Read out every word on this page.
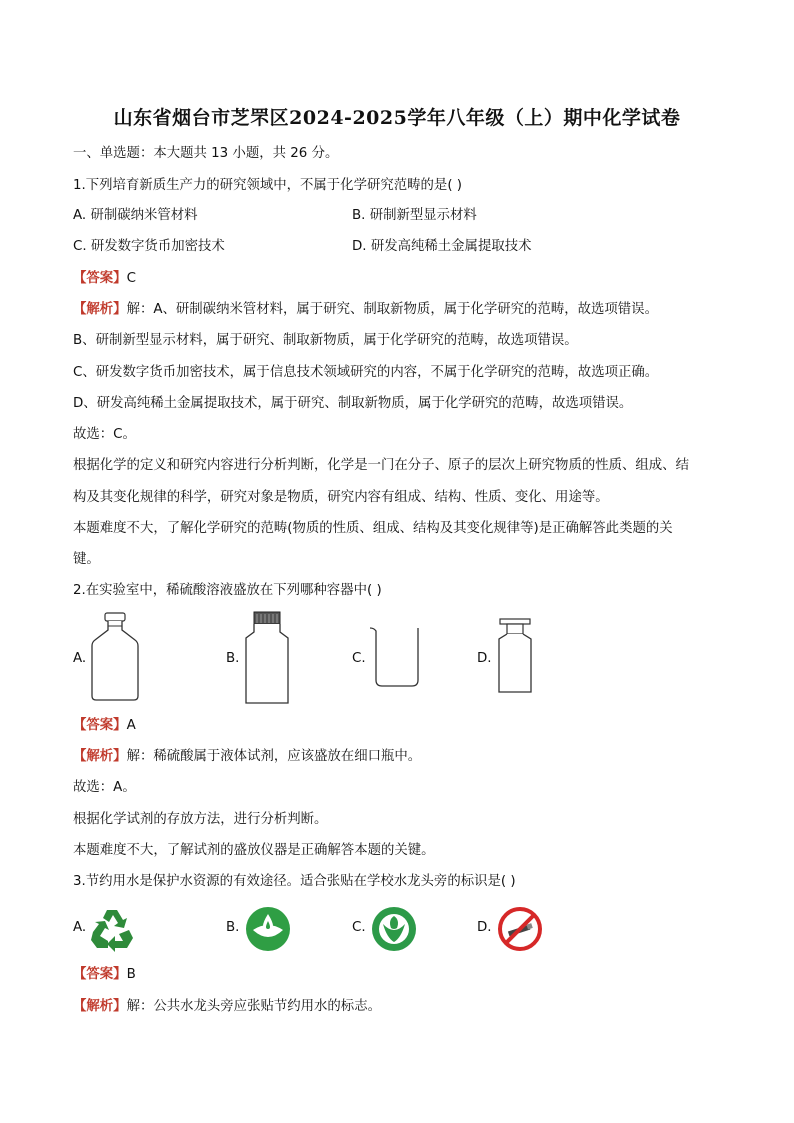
山东省烟台市芝罘区2024-2025学年八年级（上）期中化学试卷
一、单选题：本大题共 13 小题，共 26 分。
1.下列培育新质生产力的研究领域中，不属于化学研究范畴的是( )
A. 研制碳纳米管材料	B. 研制新型显示材料
C. 研发数字货币加密技术	D. 研发高纯稀土金属提取技术
【答案】C
【解析】解：A、研制碳纳米管材料，属于研究、制取新物质，属于化学研究的范畴，故选项错误。
B、研制新型显示材料，属于研究、制取新物质，属于化学研究的范畴，故选项错误。
C、研发数字货币加密技术，属于信息技术领域研究的内容，不属于化学研究的范畴，故选项正确。
D、研发高纯稀土金属提取技术，属于研究、制取新物质，属于化学研究的范畴，故选项错误。
故选：C。
根据化学的定义和研究内容进行分析判断，化学是一门在分子、原子的层次上研究物质的性质、组成、结
构及其变化规律的科学，研究对象是物质，研究内容有组成、结构、性质、变化、用途等。
本题难度不大，了解化学研究的范畴(物质的性质、组成、结构及其变化规律等)是正确解答此类题的关
键。
2.在实验室中，稀硫酸溶液盛放在下列哪种容器中( )
A.	B.	C.	D.
【答案】A
【解析】解：稀硫酸属于液体试剂，应该盛放在细口瓶中。
故选：A。
根据化学试剂的存放方法，进行分析判断。
本题难度不大，了解试剂的盛放仪器是正确解答本题的关键。
3.节约用水是保护水资源的有效途径。适合张贴在学校水龙头旁的标识是( )
A.	B.	C.	D.
【答案】B
【解析】解：公共水龙头旁应张贴节约用水的标志。
